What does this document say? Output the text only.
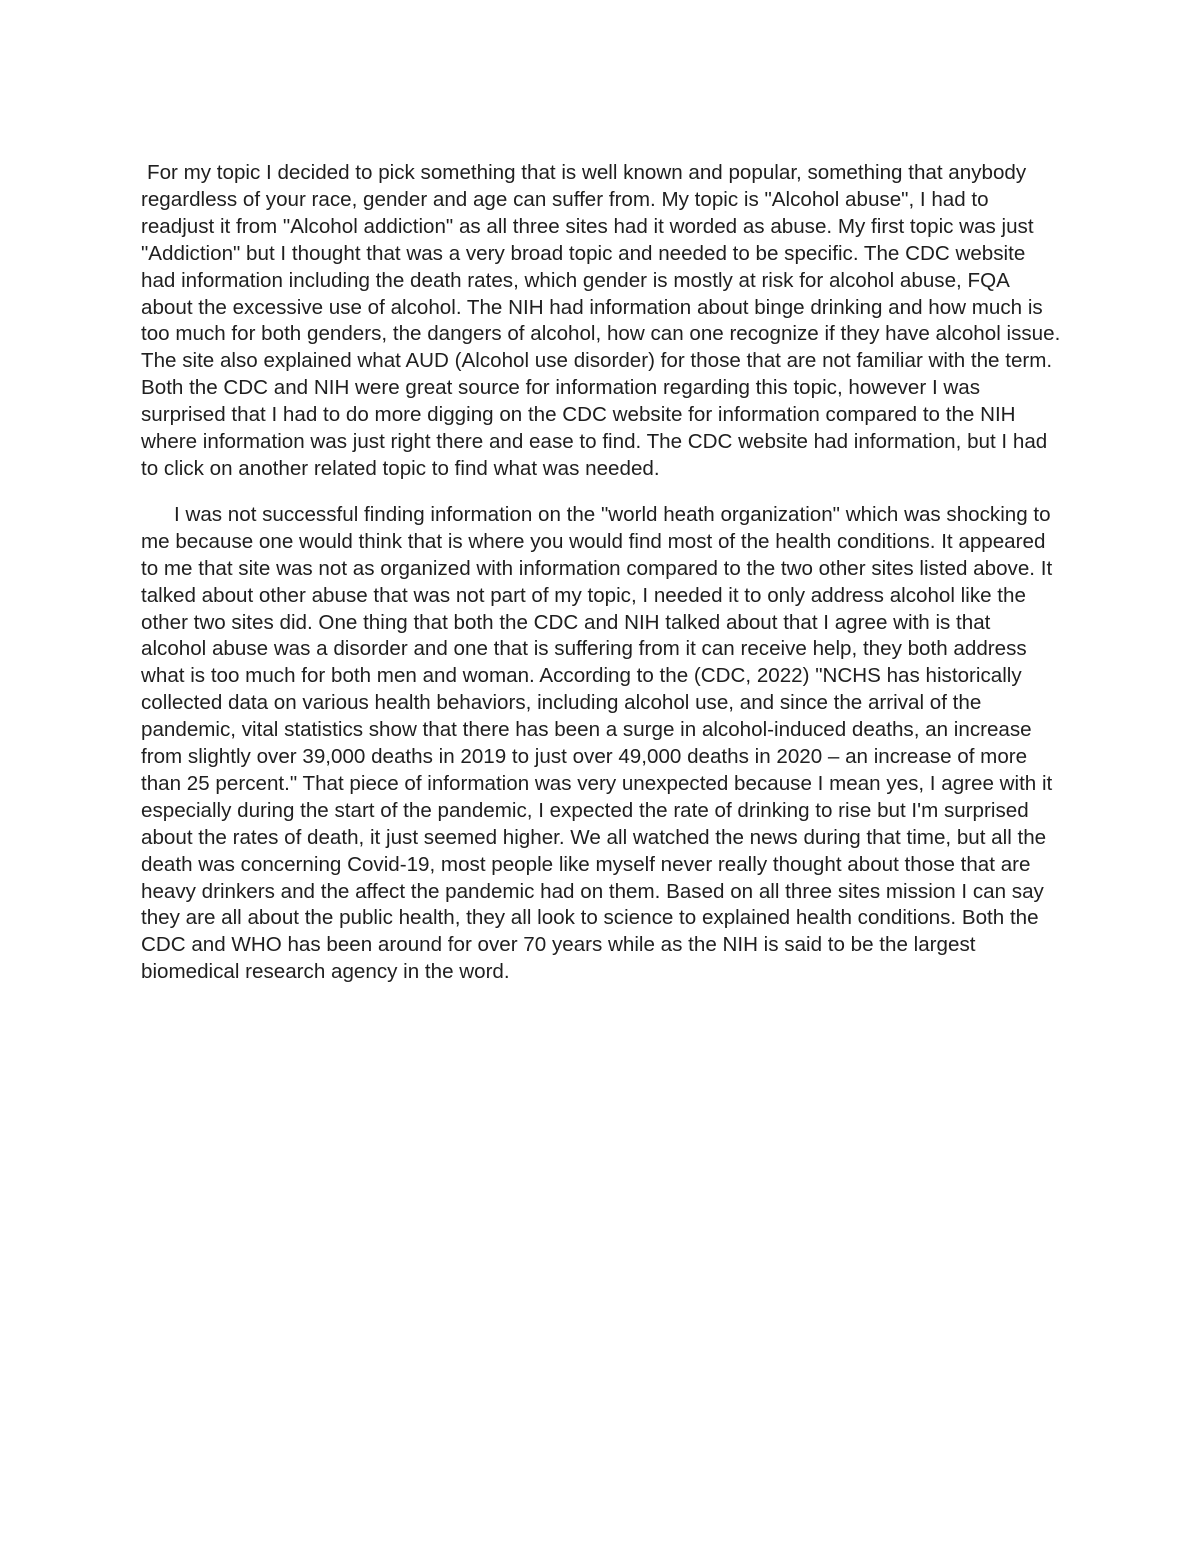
For my topic I decided to pick something that is well known and popular, something that anybody regardless of your race, gender and age can suffer from. My topic is "Alcohol abuse", I had to readjust it from "Alcohol addiction" as all three sites had it worded as abuse. My first topic was just "Addiction" but I thought that was a very broad topic and needed to be specific. The CDC website had information including the death rates, which gender is mostly at risk for alcohol abuse, FQA about the excessive use of alcohol. The NIH had information about binge drinking and how much is too much for both genders, the dangers of alcohol, how can one recognize if they have alcohol issue. The site also explained what AUD (Alcohol use disorder) for those that are not familiar with the term. Both the CDC and NIH were great source for information regarding this topic, however I was surprised that I had to do more digging on the CDC website for information compared to the NIH where information was just right there and ease to find. The CDC website had information, but I had to click on another related topic to find what was needed.

I was not successful finding information on the "world heath organization" which was shocking to me because one would think that is where you would find most of the health conditions. It appeared to me that site was not as organized with information compared to the two other sites listed above. It talked about other abuse that was not part of my topic, I needed it to only address alcohol like the other two sites did. One thing that both the CDC and NIH talked about that I agree with is that alcohol abuse was a disorder and one that is suffering from it can receive help, they both address what is too much for both men and woman. According to the (CDC, 2022) "NCHS has historically collected data on various health behaviors, including alcohol use, and since the arrival of the pandemic, vital statistics show that there has been a surge in alcohol-induced deaths, an increase from slightly over 39,000 deaths in 2019 to just over 49,000 deaths in 2020 – an increase of more than 25 percent." That piece of information was very unexpected because I mean yes, I agree with it especially during the start of the pandemic, I expected the rate of drinking to rise but I'm surprised about the rates of death, it just seemed higher. We all watched the news during that time, but all the death was concerning Covid-19, most people like myself never really thought about those that are heavy drinkers and the affect the pandemic had on them. Based on all three sites mission I can say they are all about the public health, they all look to science to explained health conditions. Both the CDC and WHO has been around for over 70 years while as the NIH is said to be the largest biomedical research agency in the word.
